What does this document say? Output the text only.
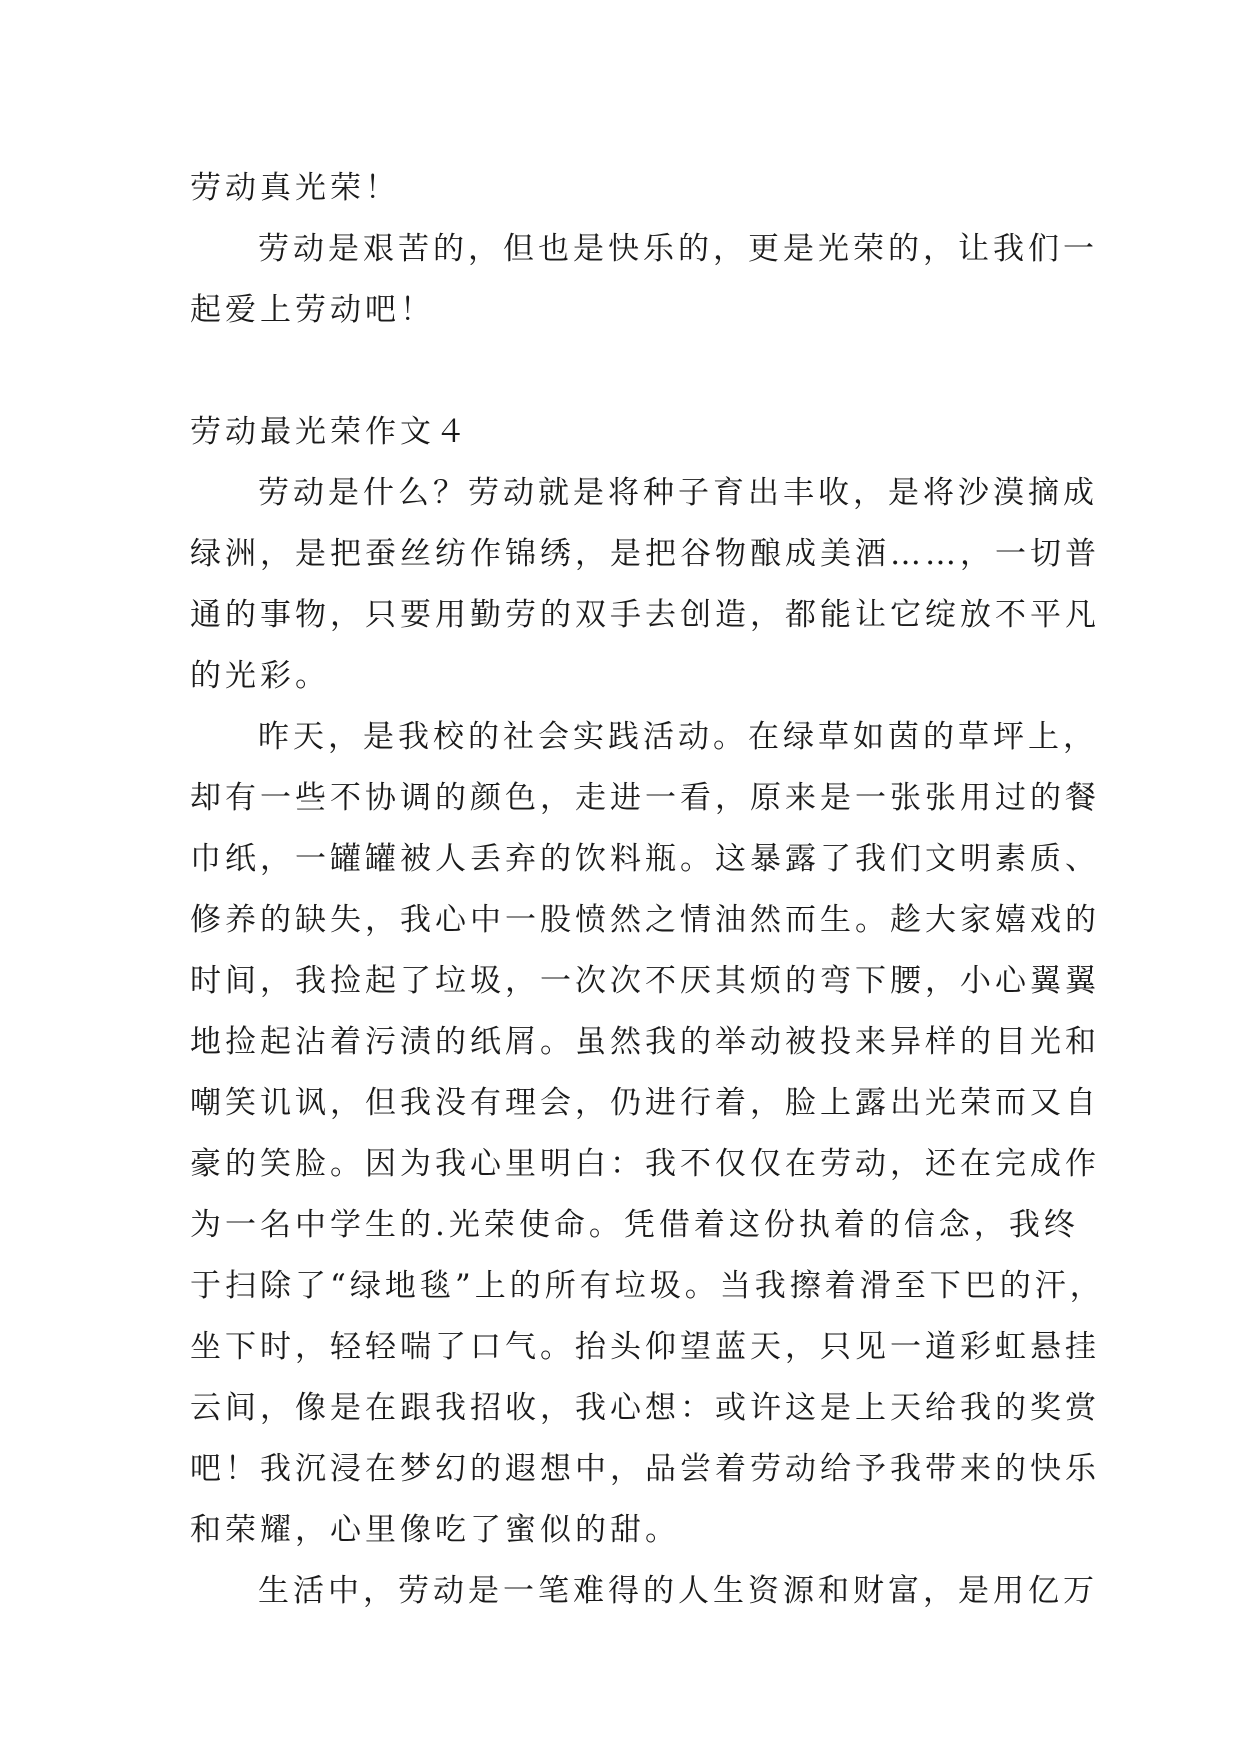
劳动真光荣！
劳动是艰苦的，但也是快乐的，更是光荣的，让我们一
起爱上劳动吧！
劳动最光荣作文４
劳动是什么？劳动就是将种子育出丰收，是将沙漠摘成
绿洲，是把蚕丝纺作锦绣，是把谷物酿成美酒……，一切普
通的事物，只要用勤劳的双手去创造，都能让它绽放不平凡
的光彩。
昨天，是我校的社会实践活动。在绿草如茵的草坪上，
却有一些不协调的颜色，走进一看，原来是一张张用过的餐
巾纸，一罐罐被人丢弃的饮料瓶。这暴露了我们文明素质、
修养的缺失，我心中一股愤然之情油然而生。趁大家嬉戏的
时间，我捡起了垃圾，一次次不厌其烦的弯下腰，小心翼翼
地捡起沾着污渍的纸屑。虽然我的举动被投来异样的目光和
嘲笑讥讽，但我没有理会，仍进行着，脸上露出光荣而又自
豪的笑脸。因为我心里明白：我不仅仅在劳动，还在完成作
为一名中学生的.光荣使命。凭借着这份执着的信念，我终
于扫除了“绿地毯”上的所有垃圾。当我擦着滑至下巴的汗，
坐下时，轻轻喘了口气。抬头仰望蓝天，只见一道彩虹悬挂
云间，像是在跟我招收，我心想：或许这是上天给我的奖赏
吧！我沉浸在梦幻的遐想中，品尝着劳动给予我带来的快乐
和荣耀，心里像吃了蜜似的甜。
生活中，劳动是一笔难得的人生资源和财富，是用亿万
